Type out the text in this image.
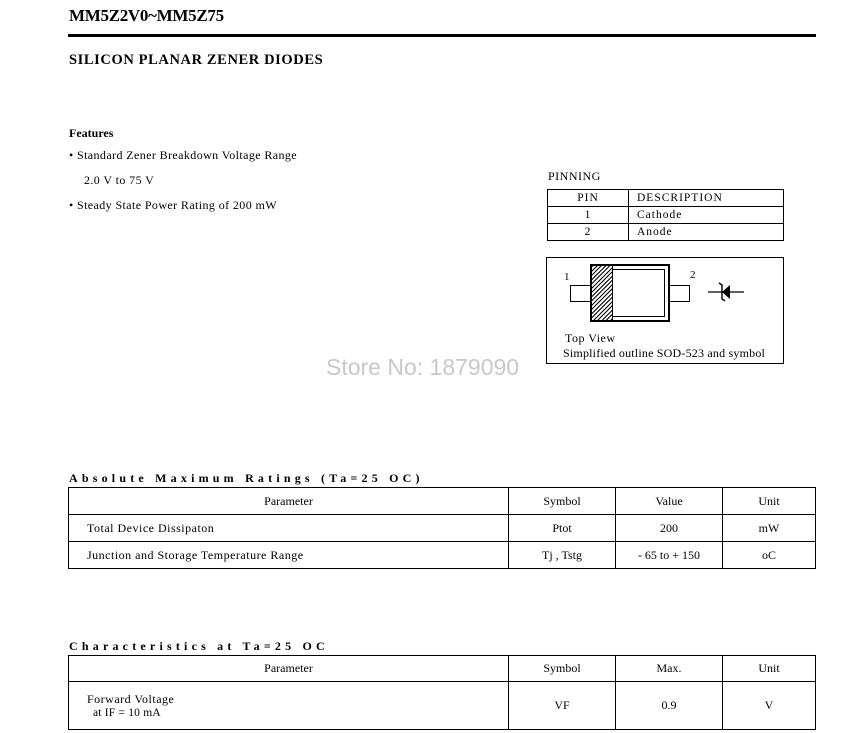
MM5Z2V0~MM5Z75
SILICON PLANAR ZENER DIODES
Features
• Standard Zener Breakdown Voltage Range
2.0 V to 75 V
• Steady State Power Rating of 200 mW
PINNING
PIN	DESCRIPTION
1	Cathode
2	Anode
1	2
Top View
Simplified outline SOD-523 and symbol
Store No: 1879090
Absolute Maximum Ratings (Ta=25 OC)
Parameter	Symbol	Value	Unit
Total Device Dissipaton	Ptot	200	mW
Junction and Storage Temperature Range	Tj , Tstg	- 65 to + 150	oC
Characteristics at Ta=25 OC
Parameter	Symbol	Max.	Unit
Forward Voltage
at IF = 10 mA	VF	0.9	V
